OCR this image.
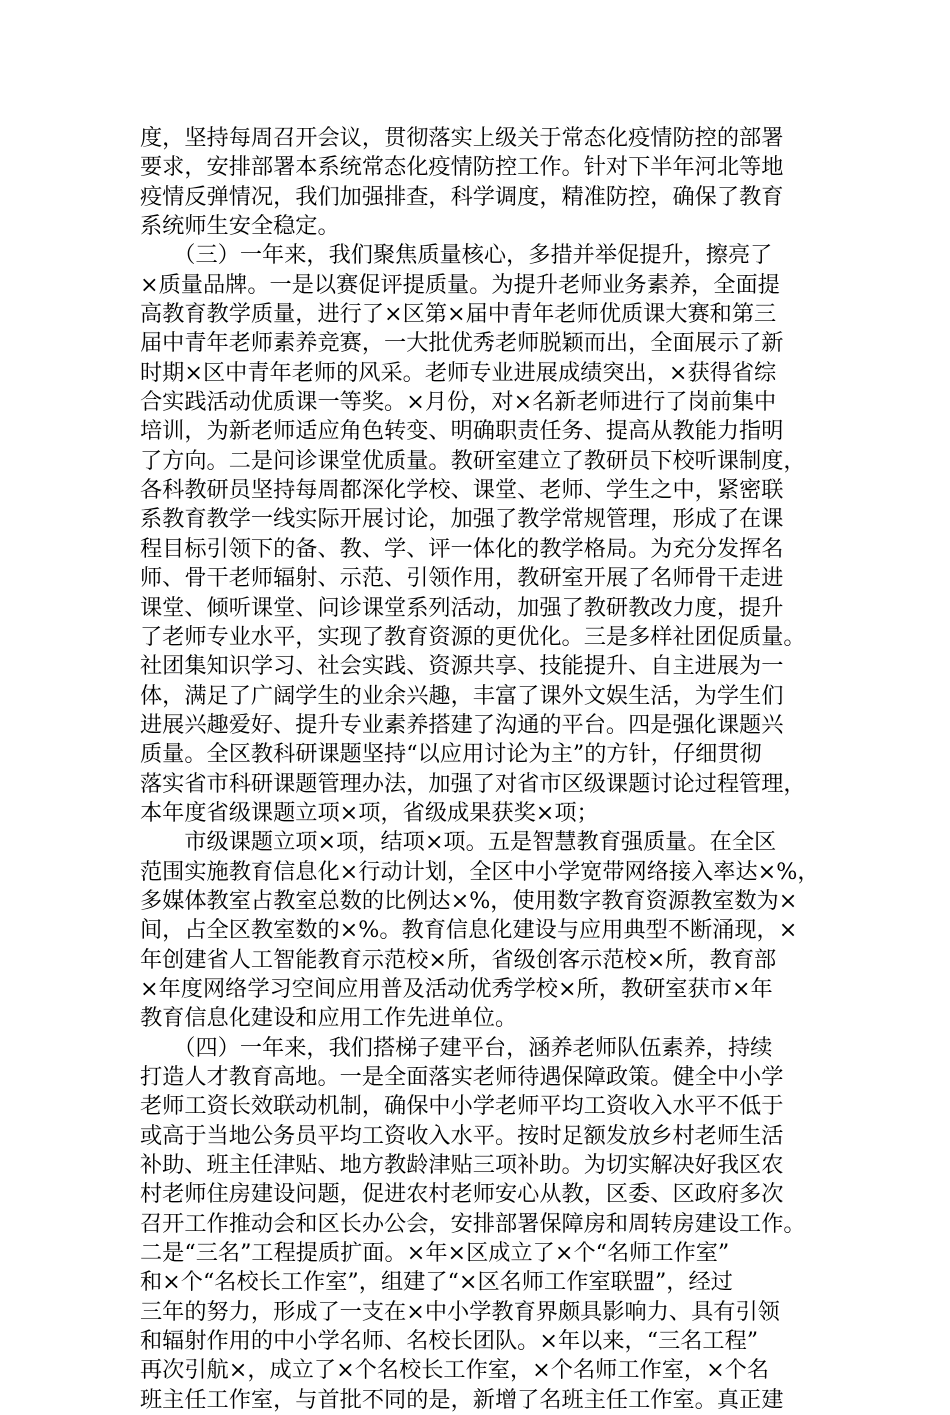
度，坚持每周召开会议，贯彻落实上级关于常态化疫情防控的部署
要求，安排部署本系统常态化疫情防控工作。针对下半年河北等地
疫情反弹情况，我们加强排查，科学调度，精准防控，确保了教育
系统师生安全稳定。
　　（三）一年来，我们聚焦质量核心，多措并举促提升，擦亮了
×质量品牌。一是以赛促评提质量。为提升老师业务素养，全面提
高教育教学质量，进行了×区第×届中青年老师优质课大赛和第三
届中青年老师素养竞赛，一大批优秀老师脱颖而出，全面展示了新
时期×区中青年老师的风采。老师专业进展成绩突出，×获得省综
合实践活动优质课一等奖。×月份，对×名新老师进行了岗前集中
培训，为新老师适应角色转变、明确职责任务、提高从教能力指明
了方向。二是问诊课堂优质量。教研室建立了教研员下校听课制度，
各科教研员坚持每周都深化学校、课堂、老师、学生之中，紧密联
系教育教学一线实际开展讨论，加强了教学常规管理，形成了在课
程目标引领下的备、教、学、评一体化的教学格局。为充分发挥名
师、骨干老师辐射、示范、引领作用，教研室开展了名师骨干走进
课堂、倾听课堂、问诊课堂系列活动，加强了教研教改力度，提升
了老师专业水平，实现了教育资源的更优化。三是多样社团促质量。
社团集知识学习、社会实践、资源共享、技能提升、自主进展为一
体，满足了广阔学生的业余兴趣，丰富了课外文娱生活，为学生们
进展兴趣爱好、提升专业素养搭建了沟通的平台。四是强化课题兴
质量。全区教科研课题坚持“以应用讨论为主”的方针，仔细贯彻
落实省市科研课题管理办法，加强了对省市区级课题讨论过程管理，
本年度省级课题立项×项，省级成果获奖×项；
　　市级课题立项×项，结项×项。五是智慧教育强质量。在全区
范围实施教育信息化×行动计划，全区中小学宽带网络接入率达×%，
多媒体教室占教室总数的比例达×%，使用数字教育资源教室数为×
间，占全区教室数的×%。教育信息化建设与应用典型不断涌现，×
年创建省人工智能教育示范校×所，省级创客示范校×所，教育部
×年度网络学习空间应用普及活动优秀学校×所，教研室获市×年
教育信息化建设和应用工作先进单位。
　　（四）一年来，我们搭梯子建平台，涵养老师队伍素养，持续
打造人才教育高地。一是全面落实老师待遇保障政策。健全中小学
老师工资长效联动机制，确保中小学老师平均工资收入水平不低于
或高于当地公务员平均工资收入水平。按时足额发放乡村老师生活
补助、班主任津贴、地方教龄津贴三项补助。为切实解决好我区农
村老师住房建设问题，促进农村老师安心从教，区委、区政府多次
召开工作推动会和区长办公会，安排部署保障房和周转房建设工作。
二是“三名”工程提质扩面。×年×区成立了×个“名师工作室”
和×个“名校长工作室”，组建了“×区名师工作室联盟”，经过
三年的努力，形成了一支在×中小学教育界颇具影响力、具有引领
和辐射作用的中小学名师、名校长团队。×年以来，“三名工程”
再次引航×，成立了×个名校长工作室，×个名师工作室，×个名
班主任工作室，与首批不同的是，新增了名班主任工作室。真正建
